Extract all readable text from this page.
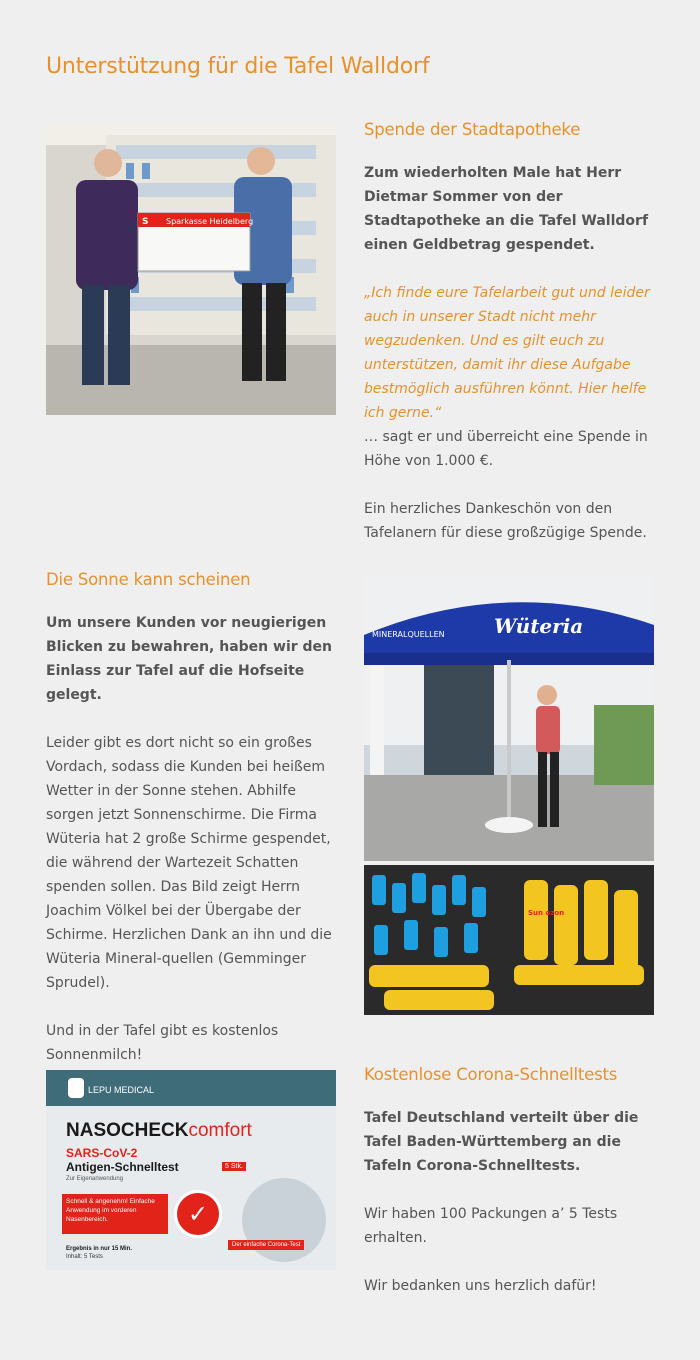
Unterstützung für die Tafel Walldorf
Sparkasse Heidelberg
S
Spende der Stadtapotheke

Zum wiederholten Male hat Herr Dietmar Sommer von der Stadtapotheke an die Tafel Walldorf einen Geldbetrag gespendet.

„Ich finde eure Tafelarbeit gut und leider auch in unserer Stadt nicht mehr wegzudenken. Und es gilt euch zu unterstützen, damit ihr diese Aufgabe bestmöglich ausführen könnt. Hier helfe ich gerne.“

… sagt er und überreicht eine Spende in Höhe von 1.000 €.

Ein herzliches Dankeschön von den Tafelanern für diese großzügige Spende.

Die Sonne kann scheinen

Um unsere Kunden vor neugierigen Blicken zu bewahren, haben wir den Einlass zur Tafel auf die Hofseite gelegt.

Leider gibt es dort nicht so ein großes Vordach, sodass die Kunden bei heißem Wetter in der Sonne stehen. Abhilfe sorgen jetzt Sonnenschirme. Die Firma Wüteria hat 2 große Schirme gespendet, die während der Wartezeit Schatten spenden sollen. Das Bild zeigt Herrn Joachim Völkel bei der Übergabe der Schirme. Herzlichen Dank an ihn und die Wüteria Mineral-quellen (Gemminger Sprudel).

Und in der Tafel gibt es kostenlos Sonnenmilch!

Wüteria
MINERALQUELLEN
Sun ozon
LEPU MEDICAL
NASOCHECKcomfort
SARS-CoV-2
Antigen-Schnelltest	5 Stk.
Zur Eigenanwendung
Schnell & angenehm! Einfache Anwendung im vorderen Nasenbereich.	✓
Der einfache Corona-Test
Ergebnis in nur 15 Min.
Inhalt: 5 Tests
Kostenlose Corona-Schnelltests

Tafel Deutschland verteilt über die Tafel Baden-Württemberg an die Tafeln Corona-Schnelltests.

Wir haben 100 Packungen a’ 5 Tests erhalten.

Wir bedanken uns herzlich dafür!
